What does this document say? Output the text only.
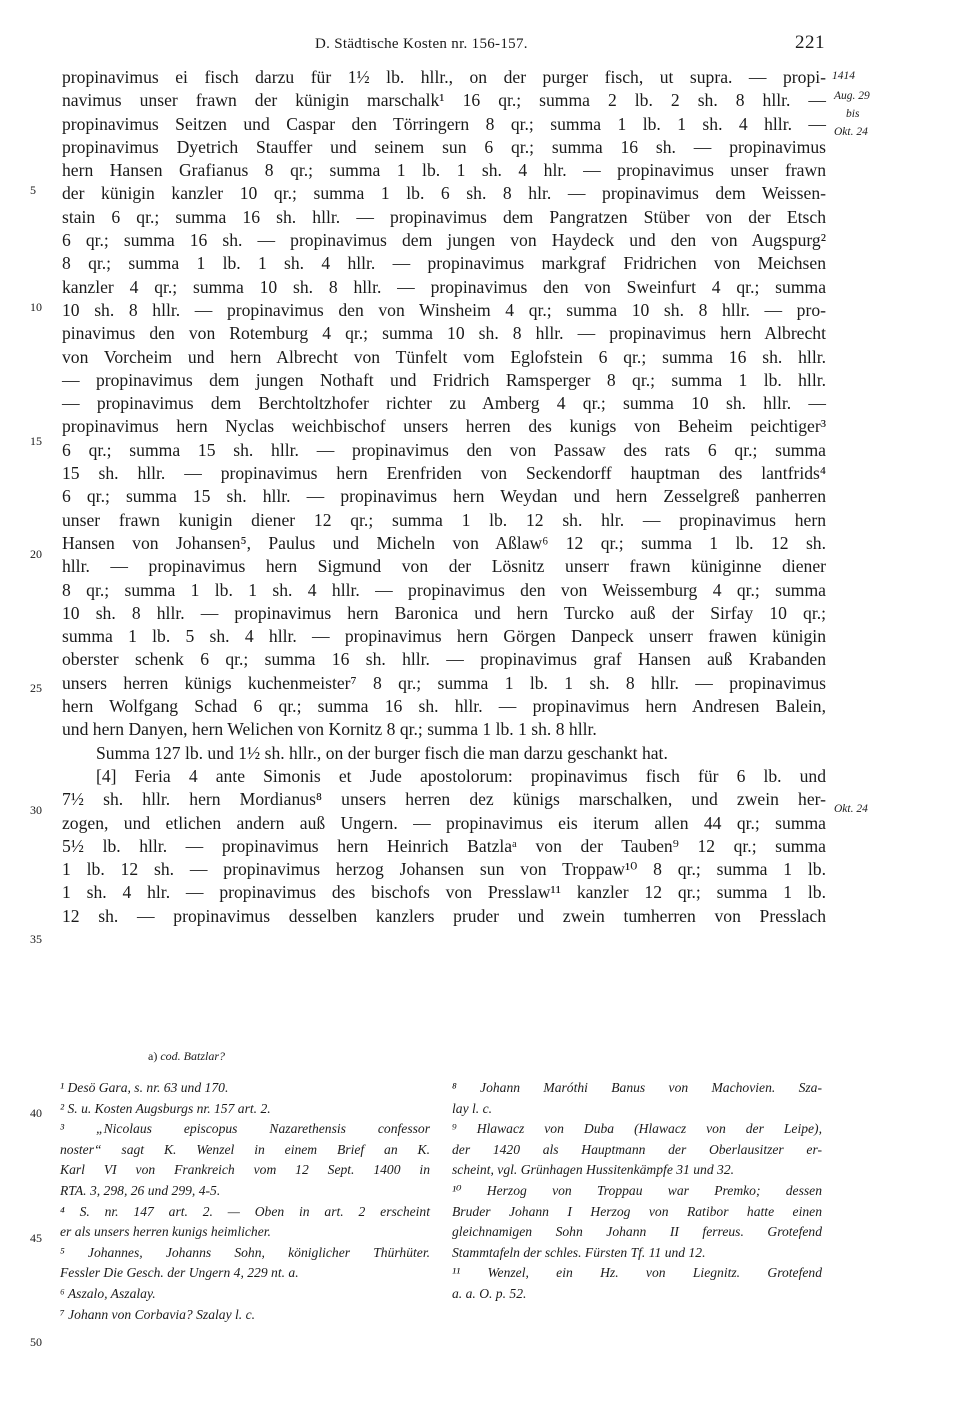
D. Städtische Kosten nr. 156-157.	221
1414
Aug. 29
bis
Okt. 24
Okt. 24
5
10
15
20
25
30
35
40
45
50
propinavimus ei fisch darzu für 1½ lb. hllr., on der purger fisch, ut supra. — propi-
navimus unser frawn der künigin marschalk¹ 16 qr.; summa 2 lb. 2 sh. 8 hllr. —
propinavimus Seitzen und Caspar den Törringern 8 qr.; summa 1 lb. 1 sh. 4 hllr. —
propinavimus Dyetrich Stauffer und seinem sun 6 qr.; summa 16 sh. — propinavimus
hern Hansen Grafianus 8 qr.; summa 1 lb. 1 sh. 4 hlr. — propinavimus unser frawn
der künigin kanzler 10 qr.; summa 1 lb. 6 sh. 8 hlr. — propinavimus dem Weissen-
stain 6 qr.; summa 16 sh. hllr. — propinavimus dem Pangratzen Stüber von der Etsch
6 qr.; summa 16 sh. — propinavimus dem jungen von Haydeck und den von Augspurg²
8 qr.; summa 1 lb. 1 sh. 4 hllr. — propinavimus markgraf Fridrichen von Meichsen
kanzler 4 qr.; summa 10 sh. 8 hllr. — propinavimus den von Sweinfurt 4 qr.; summa
10 sh. 8 hllr. — propinavimus den von Winsheim 4 qr.; summa 10 sh. 8 hllr. — pro-
pinavimus den von Rotemburg 4 qr.; summa 10 sh. 8 hllr. — propinavimus hern Albrecht
von Vorcheim und hern Albrecht von Tünfelt vom Eglofstein 6 qr.; summa 16 sh. hllr.
— propinavimus dem jungen Nothaft und Fridrich Ramsperger 8 qr.; summa 1 lb. hllr.
— propinavimus dem Berchtoltzhofer richter zu Amberg 4 qr.; summa 10 sh. hllr. —
propinavimus hern Nyclas weichbischof unsers herren des kunigs von Beheim peichtiger³
6 qr.; summa 15 sh. hllr. — propinavimus den von Passaw des rats 6 qr.; summa
15 sh. hllr. — propinavimus hern Erenfriden von Seckendorff hauptman des lantfrids⁴
6 qr.; summa 15 sh. hllr. — propinavimus hern Weydan und hern Zesselgreß panherren
unser frawn kunigin diener 12 qr.; summa 1 lb. 12 sh. hlr. — propinavimus hern
Hansen von Johansen⁵, Paulus und Micheln von Aßlaw⁶ 12 qr.; summa 1 lb. 12 sh.
hllr. — propinavimus hern Sigmund von der Lösnitz unserr frawn küniginne diener
8 qr.; summa 1 lb. 1 sh. 4 hllr. — propinavimus den von Weissemburg 4 qr.; summa
10 sh. 8 hllr. — propinavimus hern Baronica und hern Turcko auß der Sirfay 10 qr.;
summa 1 lb. 5 sh. 4 hllr. — propinavimus hern Görgen Danpeck unserr frawen künigin
oberster schenk 6 qr.; summa 16 sh. hllr. — propinavimus graf Hansen auß Krabanden
unsers herren künigs kuchenmeister⁷ 8 qr.; summa 1 lb. 1 sh. 8 hllr. — propinavimus
hern Wolfgang Schad 6 qr.; summa 16 sh. hllr. — propinavimus hern Andresen Balein,
und hern Danyen, hern Welichen von Kornitz 8 qr.; summa 1 lb. 1 sh. 8 hllr.
Summa 127 lb. und 1½ sh. hllr., on der burger fisch die man darzu geschankt hat.
[4] Feria 4 ante Simonis et Jude apostolorum: propinavimus fisch für 6 lb. und
7½ sh. hllr. hern Mordianus⁸ unsers herren dez künigs marschalken, und zwein her-
zogen, und etlichen andern auß Ungern. — propinavimus eis iterum allen 44 qr.; summa
5½ lb. hllr. — propinavimus hern Heinrich Batzlaᵃ von der Tauben⁹ 12 qr.; summa
1 lb. 12 sh. — propinavimus herzog Johansen sun von Troppaw¹⁰ 8 qr.; summa 1 lb.
1 sh. 4 hlr. — propinavimus des bischofs von Presslaw¹¹ kanzler 12 qr.; summa 1 lb.
12 sh. — propinavimus desselben kanzlers pruder und zwein tumherren von Presslach
a) cod. Batzlar?
¹ Desö Gara, s. nr. 63 und 170.
² S. u. Kosten Augsburgs nr. 157 art. 2.
³ „Nicolaus episcopus Nazarethensis confessor
noster“ sagt K. Wenzel in einem Brief an K.
Karl VI von Frankreich vom 12 Sept. 1400 in
RTA. 3, 298, 26 und 299, 4-5.
⁴ S. nr. 147 art. 2. — Oben in art. 2 erscheint
er als unsers herren kunigs heimlicher.
⁵ Johannes, Johanns Sohn, königlicher Thürhüter.
Fessler Die Gesch. der Ungern 4, 229 nt. a.
⁶ Aszalo, Aszalay.
⁷ Johann von Corbavia? Szalay l. c.
⁸ Johann Maróthi Banus von Machovien. Sza-
lay l. c.
⁹ Hlawacz von Duba (Hlawacz von der Leipe),
der 1420 als Hauptmann der Oberlausitzer er-
scheint, vgl. Grünhagen Hussitenkämpfe 31 und 32.
¹⁰ Herzog von Troppau war Premko; dessen
Bruder Johann I Herzog von Ratibor hatte einen
gleichnamigen Sohn Johann II ferreus. Grotefend
Stammtafeln der schles. Fürsten Tf. 11 und 12.
¹¹ Wenzel, ein Hz. von Liegnitz. Grotefend
a. a. O. p. 52.
